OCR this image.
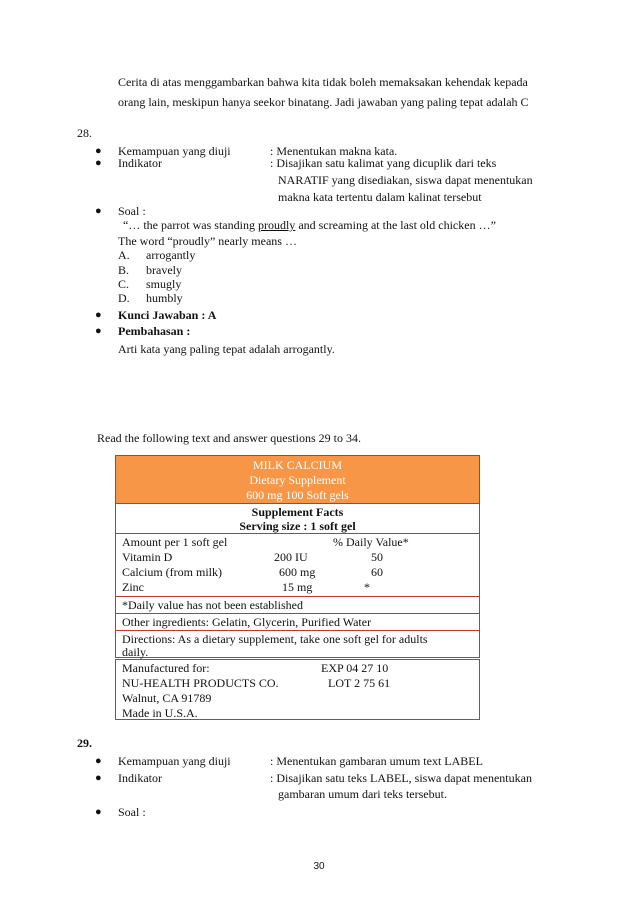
Cerita di atas menggambarkan bahwa kita tidak boleh memaksakan kehendak kepada
orang lain, meskipun hanya seekor binatang. Jadi jawaban yang paling tepat adalah C
28.
● Kemampuan yang diuji	: Menentukan makna kata.
● Indikator	: Disajikan satu kalimat yang dicuplik dari teks
NARATIF yang disediakan, siswa dapat menentukan
makna kata tertentu dalam kalinat tersebut
● Soal :
“… the parrot was standing proudly and screaming at the last old chicken …”
The word “proudly” nearly means …
A. arrogantly
B. bravely
C. smugly
D. humbly
● Kunci Jawaban : A
● Pembahasan :
Arti kata yang paling tepat adalah arrogantly.
Read the following text and answer questions 29 to 34.
MILK CALCIUM
Dietary Supplement
600 mg 100 Soft gels
Supplement Facts
Serving size : 1 soft gel
Amount per 1 soft gel	% Daily Value*
Vitamin D	200 IU	50
Calcium (from milk)	600 mg	60
Zinc	15 mg	*
*Daily value has not been established
Other ingredients: Gelatin, Glycerin, Purified Water
Directions: As a dietary supplement, take one soft gel for adults
daily.
Manufactured for:	EXP 04 27 10
NU-HEALTH PRODUCTS CO.	LOT 2 75 61
Walnut, CA 91789
Made in U.S.A.
29.
● Kemampuan yang diuji	: Menentukan gambaran umum text LABEL
● Indikator	: Disajikan satu teks LABEL, siswa dapat menentukan
gambaran umum dari teks tersebut.
● Soal :
30
